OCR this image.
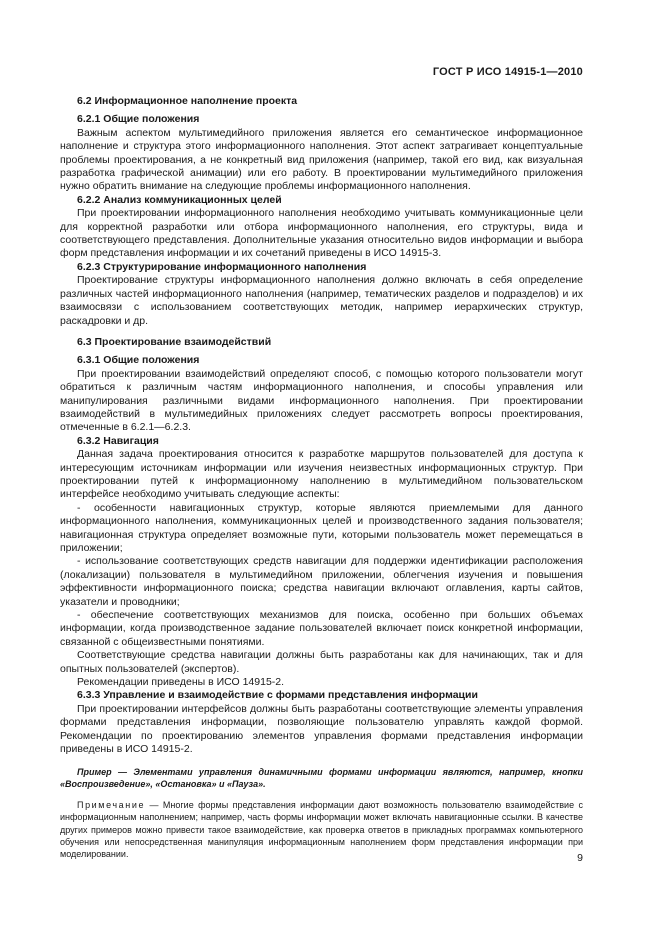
ГОСТ Р ИСО 14915-1—2010
6.2 Информационное наполнение проекта
6.2.1 Общие положения

Важным аспектом мультимедийного приложения является его семантическое информационное наполнение и структура этого информационного наполнения. Этот аспект затрагивает концептуальные проблемы проектирования, а не конкретный вид приложения (например, такой его вид, как визуальная разработка графической анимации) или его работу. В проектировании мультимедийного приложения нужно обратить внимание на следующие проблемы информационного наполнения.

6.2.2 Анализ коммуникационных целей

При проектировании информационного наполнения необходимо учитывать коммуникационные цели для корректной разработки или отбора информационного наполнения, его структуры, вида и соответствующего представления. Дополнительные указания относительно видов информации и выбора форм представления информации и их сочетаний приведены в ИСО 14915-3.

6.2.3 Структурирование информационного наполнения

Проектирование структуры информационного наполнения должно включать в себя определение различных частей информационного наполнения (например, тематических разделов и подразделов) и их взаимосвязи с использованием соответствующих методик, например иерархических структур, раскадровки и др.

6.3 Проектирование взаимодействий
6.3.1 Общие положения

При проектировании взаимодействий определяют способ, с помощью которого пользователи могут обратиться к различным частям информационного наполнения, и способы управления или манипулирования различными видами информационного наполнения. При проектировании взаимодействий в мультимедийных приложениях следует рассмотреть вопросы проектирования, отмеченные в 6.2.1—6.2.3.

6.3.2 Навигация

Данная задача проектирования относится к разработке маршрутов пользователей для доступа к интересующим источникам информации или изучения неизвестных информационных структур. При проектировании путей к информационному наполнению в мультимедийном пользовательском интерфейсе необходимо учитывать следующие аспекты:

- особенности навигационных структур, которые являются приемлемыми для данного информационного наполнения, коммуникационных целей и производственного задания пользователя; навигационная структура определяет возможные пути, которыми пользователь может перемещаться в приложении;

- использование соответствующих средств навигации для поддержки идентификации расположения (локализации) пользователя в мультимедийном приложении, облегчения изучения и повышения эффективности информационного поиска; средства навигации включают оглавления, карты сайтов, указатели и проводники;

- обеспечение соответствующих механизмов для поиска, особенно при больших объемах информации, когда производственное задание пользователей включает поиск конкретной информации, связанной с общеизвестными понятиями.

Соответствующие средства навигации должны быть разработаны как для начинающих, так и для опытных пользователей (экспертов).

Рекомендации приведены в ИСО 14915-2.

6.3.3 Управление и взаимодействие с формами представления информации

При проектировании интерфейсов должны быть разработаны соответствующие элементы управления формами представления информации, позволяющие пользователю управлять каждой формой. Рекомендации по проектированию элементов управления формами представления информации приведены в ИСО 14915-2.

Пример — Элементами управления динамичными формами информации являются, например, кнопки «Воспроизведение», «Остановка» и «Пауза».
Примечание — Многие формы представления информации дают возможность пользователю взаимодействие с информационным наполнением; например, часть формы информации может включать навигационные ссылки. В качестве других примеров можно привести такое взаимодействие, как проверка ответов в прикладных программах компьютерного обучения или непосредственная манипуляция информационным наполнением форм представления информации при моделировании.	9
